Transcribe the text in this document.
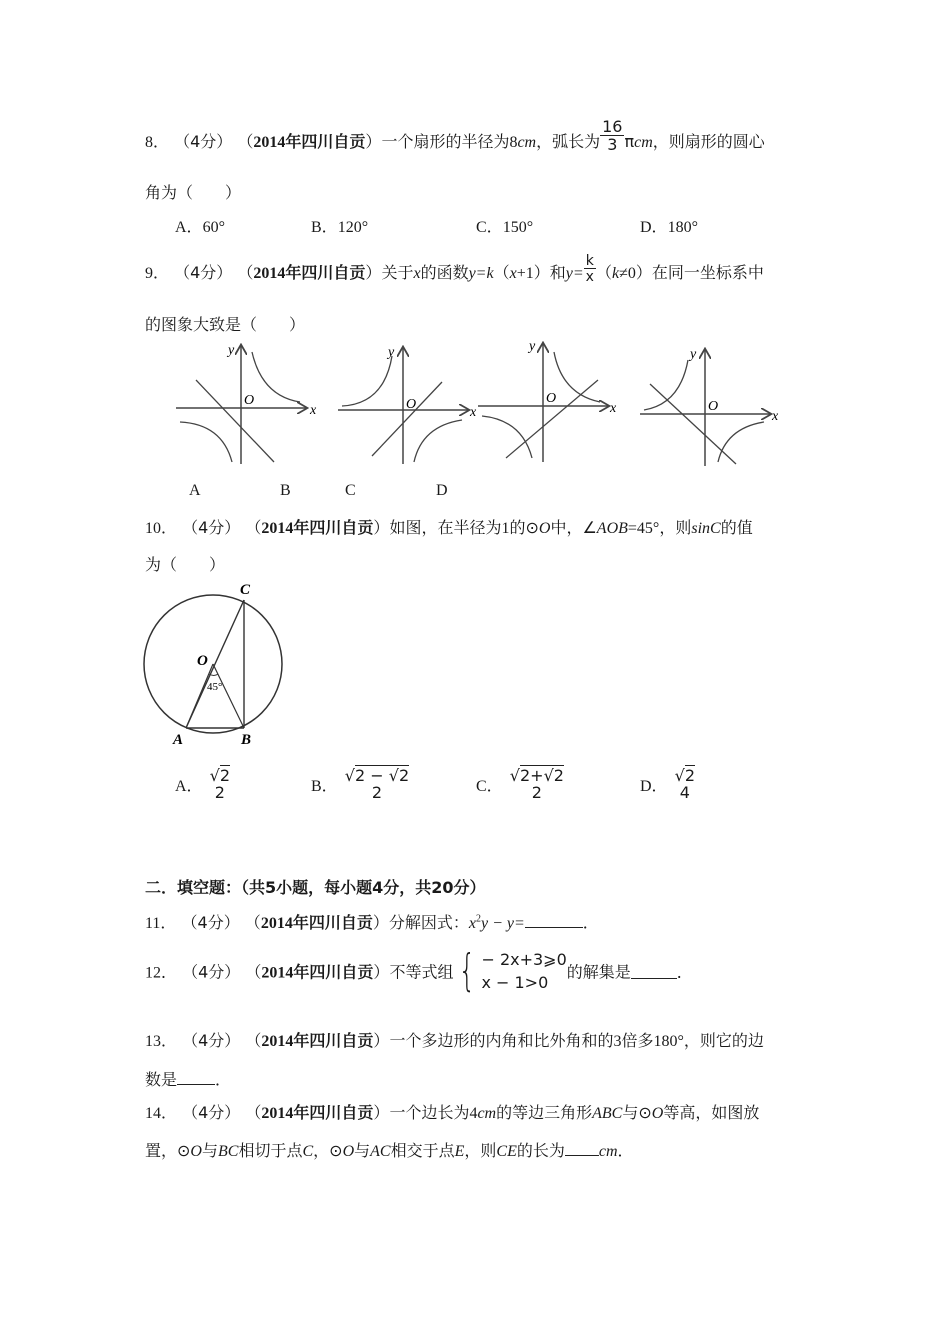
8． （4分） （2014年四川自贡）一个扇形的半径为8cm，弧长为 $\frac{16}{3}$ πcm，则扇形的圆心
角为（　　）
A．60°	B．120°	C．150°	D．180°
9． （4分） （2014年四川自贡）关于x的函数y=k（x+1）和$y= \frac{k}{x} (k\ne 0)$在同一坐标系中
的图象大致是（　　）
y
x
O
y
x
O
y
x
O
y
x
O
A	B	C	D
10． （4分） （2014年四川自贡）如图，在半径为1的⊙O中，∠AOB=45°，则sinC的值
为（　　）
C
O
45°
A	B
A．
√2
2	B．
√2 − √2
2	C．
√2+√2
2	D．
√2
4
二．填空题：（共5小题，每小题4分，共20分）
11． （4分） （2014年四川自贡）分解因式：$x^2y - y=$	．
12． （4分） （2014年四川自贡）不等式组 { − 2x+3⩾0
x − 1>0
的解集是	．
13． （4分） （2014年四川自贡）一个多边形的内角和比外角和的3倍多180°，则它的边
数是 ．
14． （4分） （2014年四川自贡）一个边长为4cm的等边三角形ABC与⊙O等高，如图放
置，⊙O与BC相切于点C，⊙O与AC相交于点E，则CE的长为 cm．
